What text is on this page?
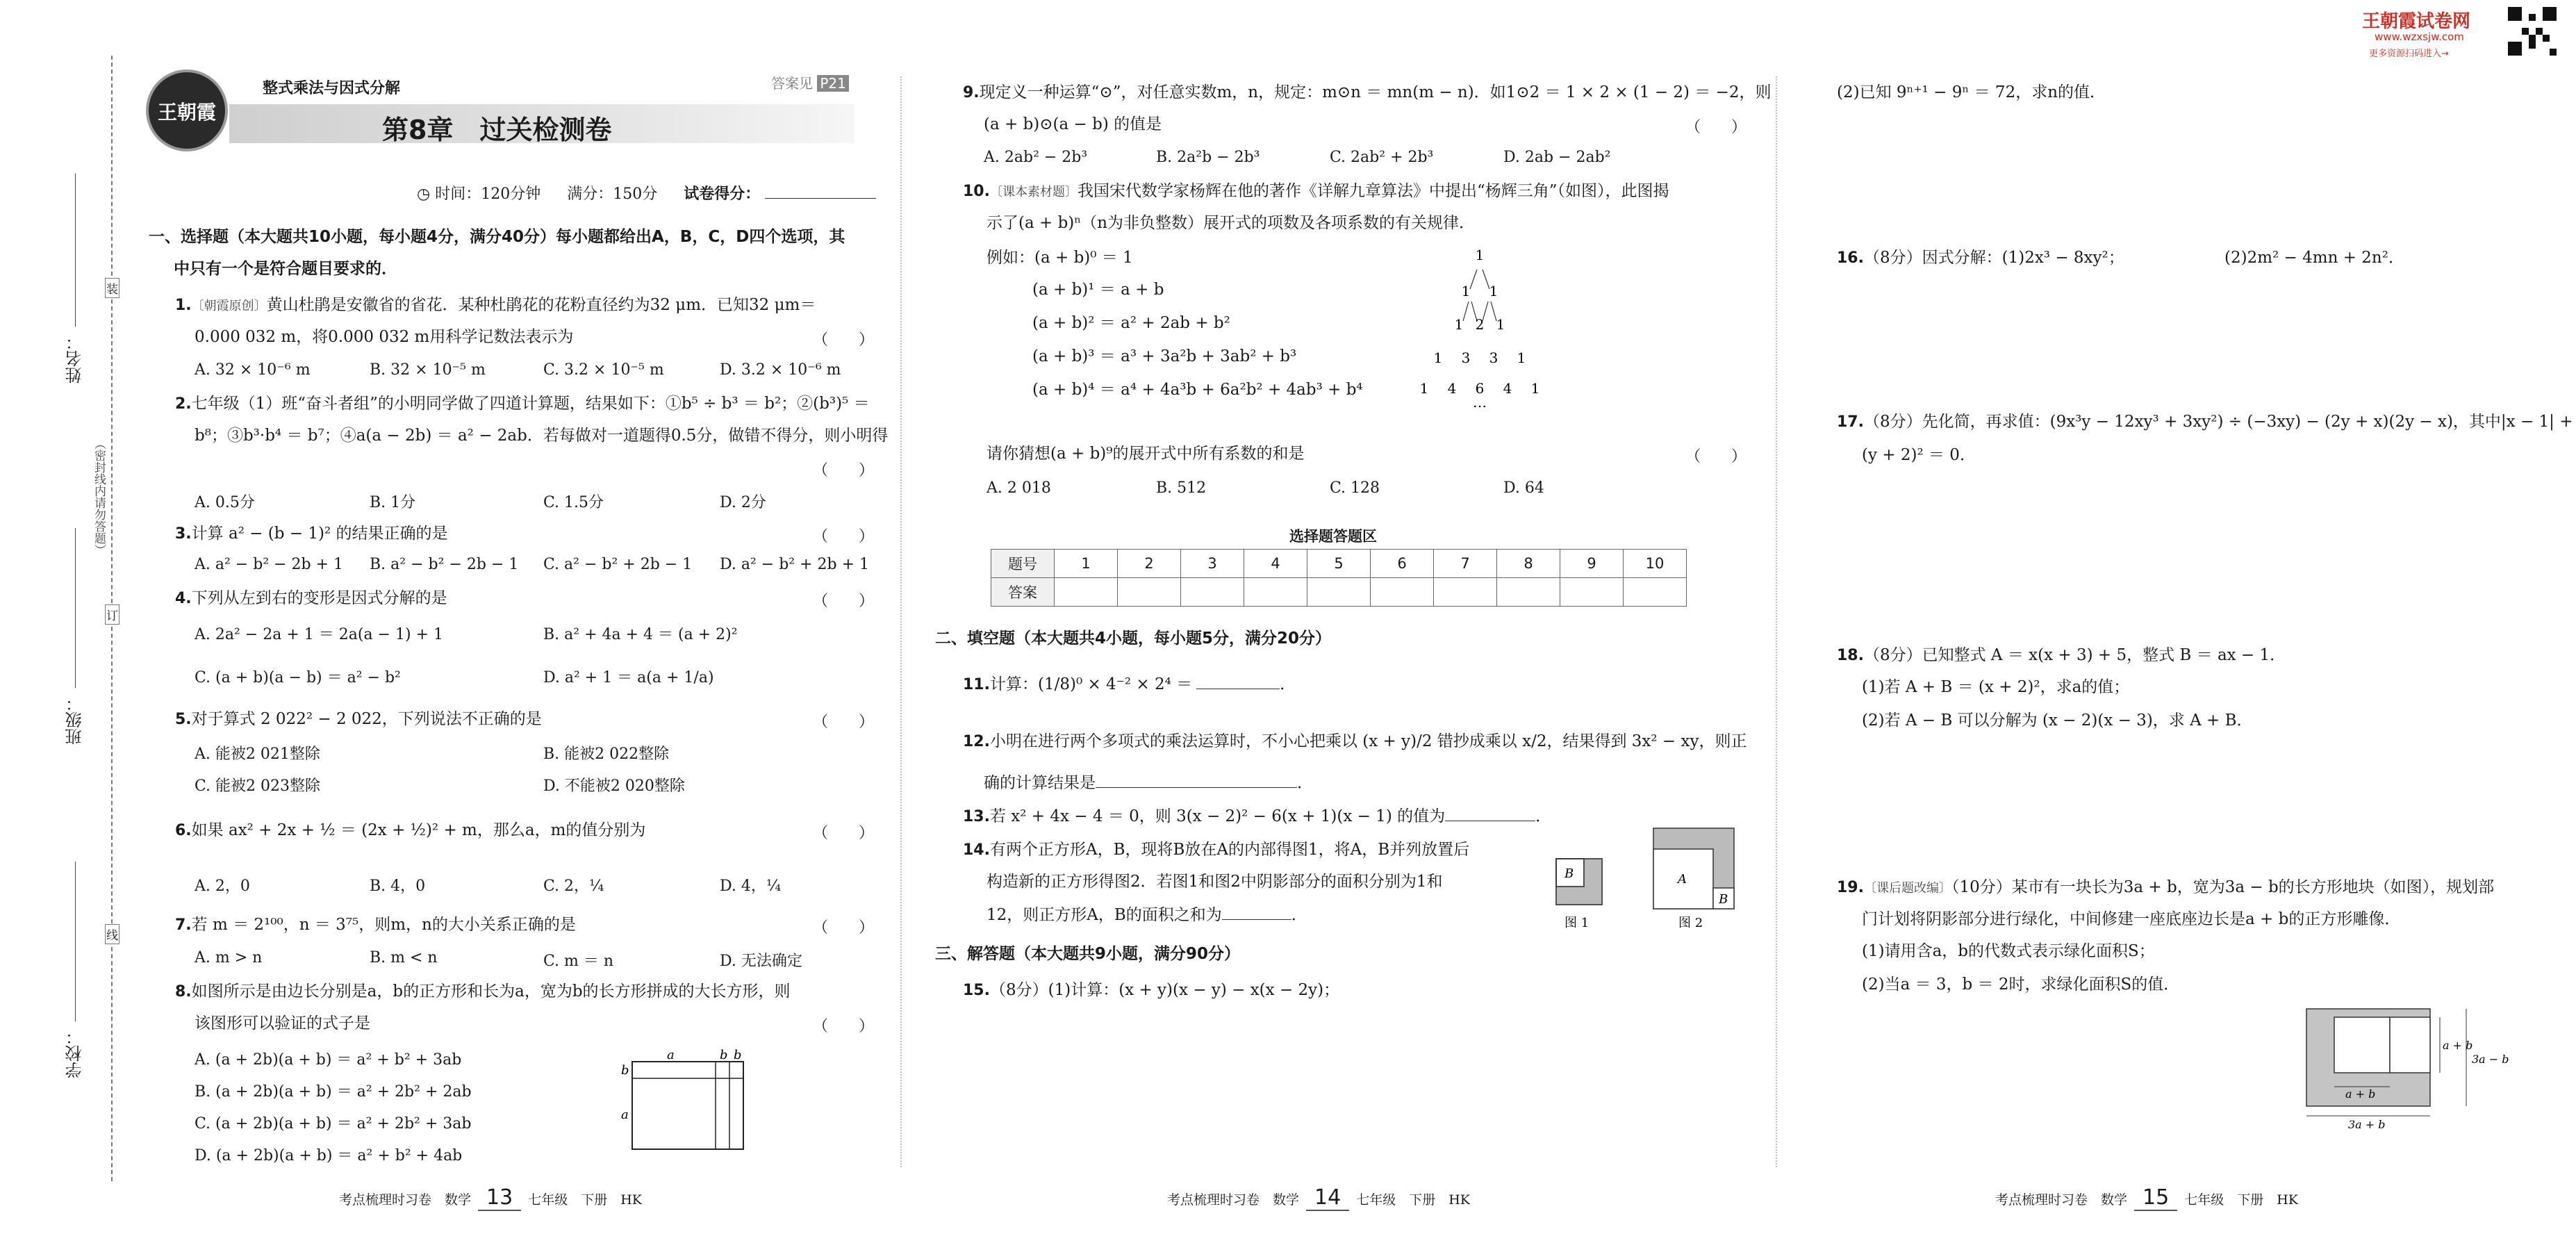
王朝霞试卷网
www.wzxsjw.com
更多资源扫码进入→
姓名：
班级：
学校：
（密封线内请勿答题）
装
订
线
王朝霞
整式乘法与因式分解
第8章　过关检测卷
答案见 P21
◷ 时间：120分钟 满分：150分 试卷得分：
一、选择题（本大题共10小题，每小题4分，满分40分）每小题都给出A，B，C，D四个选项，其
中只有一个是符合题目要求的．
1.〔朝霞原创〕黄山杜鹃是安徽省的省花．某种杜鹃花的花粉直径约为32 μm．已知32 μm＝
0.000 032 m，将0.000 032 m用科学记数法表示为	（　　）
A. 32 × 10⁻⁶ m	B. 32 × 10⁻⁵ m	C. 3.2 × 10⁻⁵ m	D. 3.2 × 10⁻⁶ m
2.七年级（1）班“奋斗者组”的小明同学做了四道计算题，结果如下：①b⁵ ÷ b³ ＝ b²；②(b³)⁵ ＝
b⁸；③b³·b⁴ ＝ b⁷；④a(a − 2b) ＝ a² − 2ab．若每做对一道题得0.5分，做错不得分，则小明得
（　　）
A. 0.5分	B. 1分	C. 1.5分	D. 2分
3.计算 a² − (b − 1)² 的结果正确的是	（　　）
A. a² − b² − 2b + 1 B. a² − b² − 2b − 1 C. a² − b² + 2b − 1 D. a² − b² + 2b + 1
4.下列从左到右的变形是因式分解的是	（　　）
A. 2a² − 2a + 1 ＝ 2a(a − 1) + 1	B. a² + 4a + 4 ＝ (a + 2)²
C. (a + b)(a − b) ＝ a² − b²	D. a² + 1 ＝ a(a + 1/a)
5.对于算式 2 022² − 2 022，下列说法不正确的是	（　　）
A. 能被2 021整除	B. 能被2 022整除
C. 能被2 023整除	D. 不能被2 020整除
6.如果 ax² + 2x + ½ ＝ (2x + ½)² + m，那么a，m的值分别为	（　　）
A. 2，0	B. 4，0	C. 2，¼	D. 4，¼
7.若 m ＝ 2¹⁰⁰，n ＝ 3⁷⁵，则m，n的大小关系正确的是	（　　）
A. m > n	B. m < n	C. m ＝ n	D. 无法确定
8.如图所示是由边长分别是a，b的正方形和长为a，宽为b的长方形拼成的大长方形，则
该图形可以验证的式子是	（　　）
A. (a + 2b)(a + b) ＝ a² + b² + 3ab
B. (a + 2b)(a + b) ＝ a² + 2b² + 2ab
C. (a + 2b)(a + b) ＝ a² + 2b² + 3ab
D. (a + 2b)(a + b) ＝ a² + b² + 4ab
a	b b
b
a
9.现定义一种运算“⊙”，对任意实数m，n，规定：m⊙n ＝ mn(m − n)．如1⊙2 ＝ 1 × 2 × (1 − 2) ＝ −2，则
(a + b)⊙(a − b) 的值是	（　　）
A. 2ab² − 2b³	B. 2a²b − 2b³	C. 2ab² + 2b³	D. 2ab − 2ab²
10.〔课本素材题〕我国宋代数学家杨辉在他的著作《详解九章算法》中提出“杨辉三角”（如图），此图揭
示了(a + b)ⁿ（n为非负整数）展开式的项数及各项系数的有关规律．
例如：(a + b)⁰ ＝ 1
(a + b)¹ ＝ a + b
(a + b)² ＝ a² + 2ab + b²
(a + b)³ ＝ a³ + 3a²b + 3ab² + b³
(a + b)⁴ ＝ a⁴ + 4a³b + 6a²b² + 4ab³ + b⁴
1
1 1
1 2 1
1 3 3 1
1 4 6 4 1
…
请你猜想(a + b)⁹的展开式中所有系数的和是	（　　）
A. 2 018	B. 512	C. 128	D. 64
选择题答题区
题号	1	2	3	4	5	6	7	8	9	10
答案										
二、填空题（本大题共4小题，每小题5分，满分20分）
11.计算：(1/8)⁰ × 4⁻² × 2⁴ ＝	．
12.小明在进行两个多项式的乘法运算时，不小心把乘以 (x + y)/2 错抄成乘以 x/2，结果得到 3x² − xy，则正
确的计算结果是	．
13.若 x² + 4x − 4 ＝ 0，则 3(x − 2)² − 6(x + 1)(x − 1) 的值为	．
14.有两个正方形A，B，现将B放在A的内部得图1，将A，B并列放置后
构造新的正方形得图2．若图1和图2中阴影部分的面积分别为1和
12，则正方形A，B的面积之和为	．
B
图 1
A
B
图 2
三、解答题（本大题共9小题，满分90分）
15.（8分）(1)计算：(x + y)(x − y) − x(x − 2y)；
(2)已知 9ⁿ⁺¹ − 9ⁿ ＝ 72，求n的值．
16.（8分）因式分解：(1)2x³ − 8xy²；	(2)2m² − 4mn + 2n²．
17.（8分）先化简，再求值：(9x³y − 12xy³ + 3xy²) ÷ (−3xy) − (2y + x)(2y − x)，其中|x − 1| +
(y + 2)² ＝ 0．
18.（8分）已知整式 A ＝ x(x + 3) + 5，整式 B ＝ ax − 1．
(1)若 A + B ＝ (x + 2)²，求a的值；
(2)若 A − B 可以分解为 (x − 2)(x − 3)，求 A + B．
19.〔课后题改编〕（10分）某市有一块长为3a + b，宽为3a − b的长方形地块（如图），规划部
门计划将阴影部分进行绿化，中间修建一座底座边长是a + b的正方形雕像．
(1)请用含a，b的代数式表示绿化面积S；
(2)当a ＝ 3，b ＝ 2时，求绿化面积S的值．
a + b
3a + b
a + b
3a − b
考点梳理时习卷　数学 13 七年级　下册　HK	考点梳理时习卷　数学 14 七年级　下册　HK	考点梳理时习卷　数学 15 七年级　下册　HK
